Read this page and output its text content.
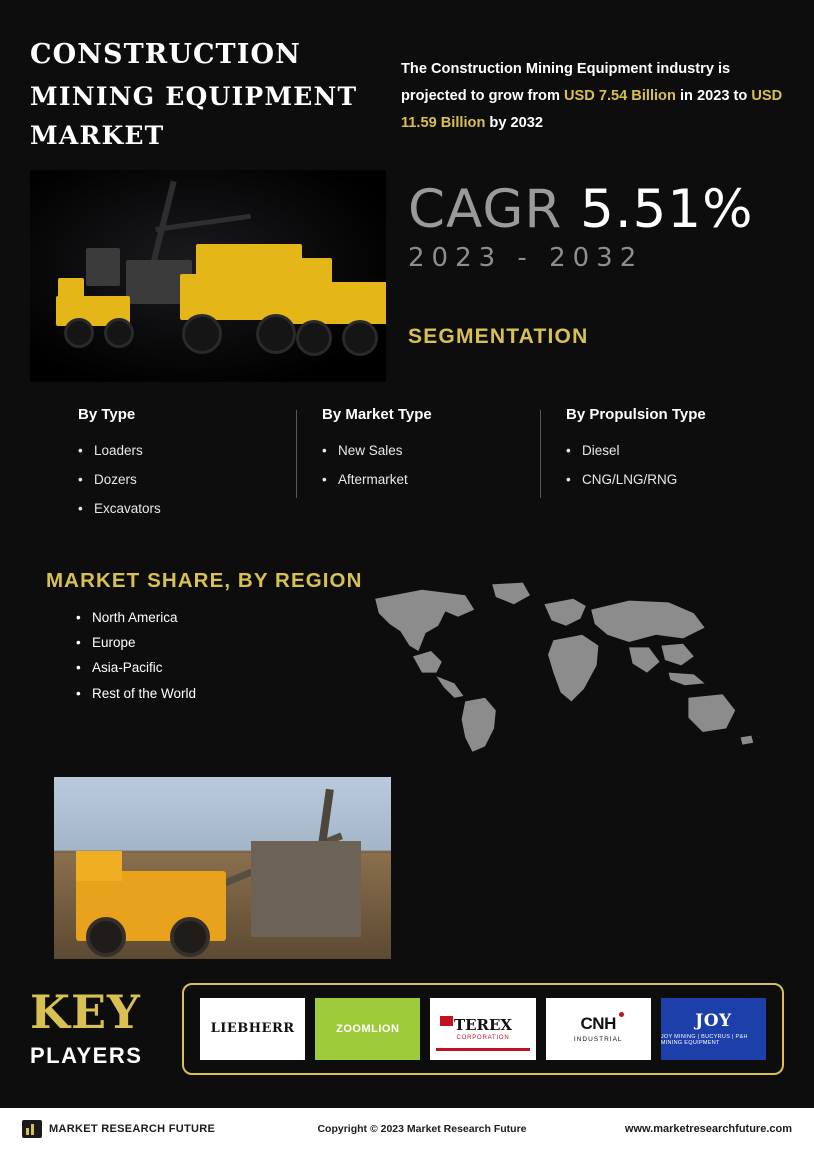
CONSTRUCTION
MINING EQUIPMENT
MARKET

The Construction Mining Equipment industry is projected to grow from USD 7.54 Billion in 2023 to USD 11.59 Billion by 2032

CAGR 5.51%
2023 - 2032
SEGMENTATION
By Type
• Loaders
• Dozers
• Excavators
By Market Type
• New Sales
• Aftermarket
By Propulsion Type
• Diesel
• CNG/LNG/RNG
MARKET SHARE, BY REGION
• North America
• Europe
• Asia-Pacific
• Rest of the World
KEY
PLAYERS
LIEBHERR	ZOOMLION	TEREX
CORPORATION
CNH
INDUSTRIAL
JOY
JOY MINING | BUCYRUS | P&H MINING EQUIPMENT
MARKET RESEARCH FUTURE	Copyright © 2023 Market Research Future	www.marketresearchfuture.com
